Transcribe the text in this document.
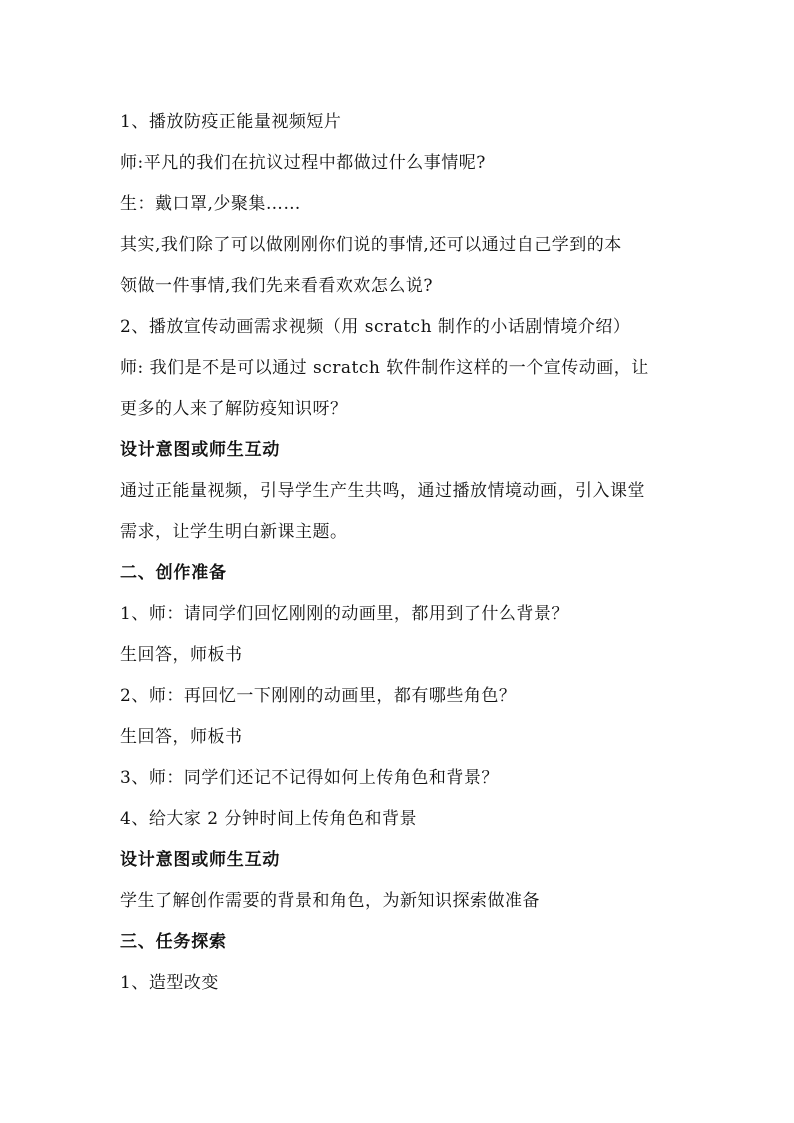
1、播放防疫正能量视频短片
师:平凡的我们在抗议过程中都做过什么事情呢?
生：戴口罩,少聚集……
其实,我们除了可以做刚刚你们说的事情,还可以通过自己学到的本
领做一件事情,我们先来看看欢欢怎么说?
2、播放宣传动画需求视频（用 scratch 制作的小话剧情境介绍）
师: 我们是不是可以通过 scratch 软件制作这样的一个宣传动画，让
更多的人来了解防疫知识呀？
设计意图或师生互动
通过正能量视频，引导学生产生共鸣，通过播放情境动画，引入课堂
需求，让学生明白新课主题。
二、创作准备
1、师：请同学们回忆刚刚的动画里，都用到了什么背景？
生回答，师板书
2、师：再回忆一下刚刚的动画里，都有哪些角色？
生回答，师板书
3、师：同学们还记不记得如何上传角色和背景？
4、给大家 2 分钟时间上传角色和背景
设计意图或师生互动
学生了解创作需要的背景和角色，为新知识探索做准备
三、任务探索
1、造型改变
